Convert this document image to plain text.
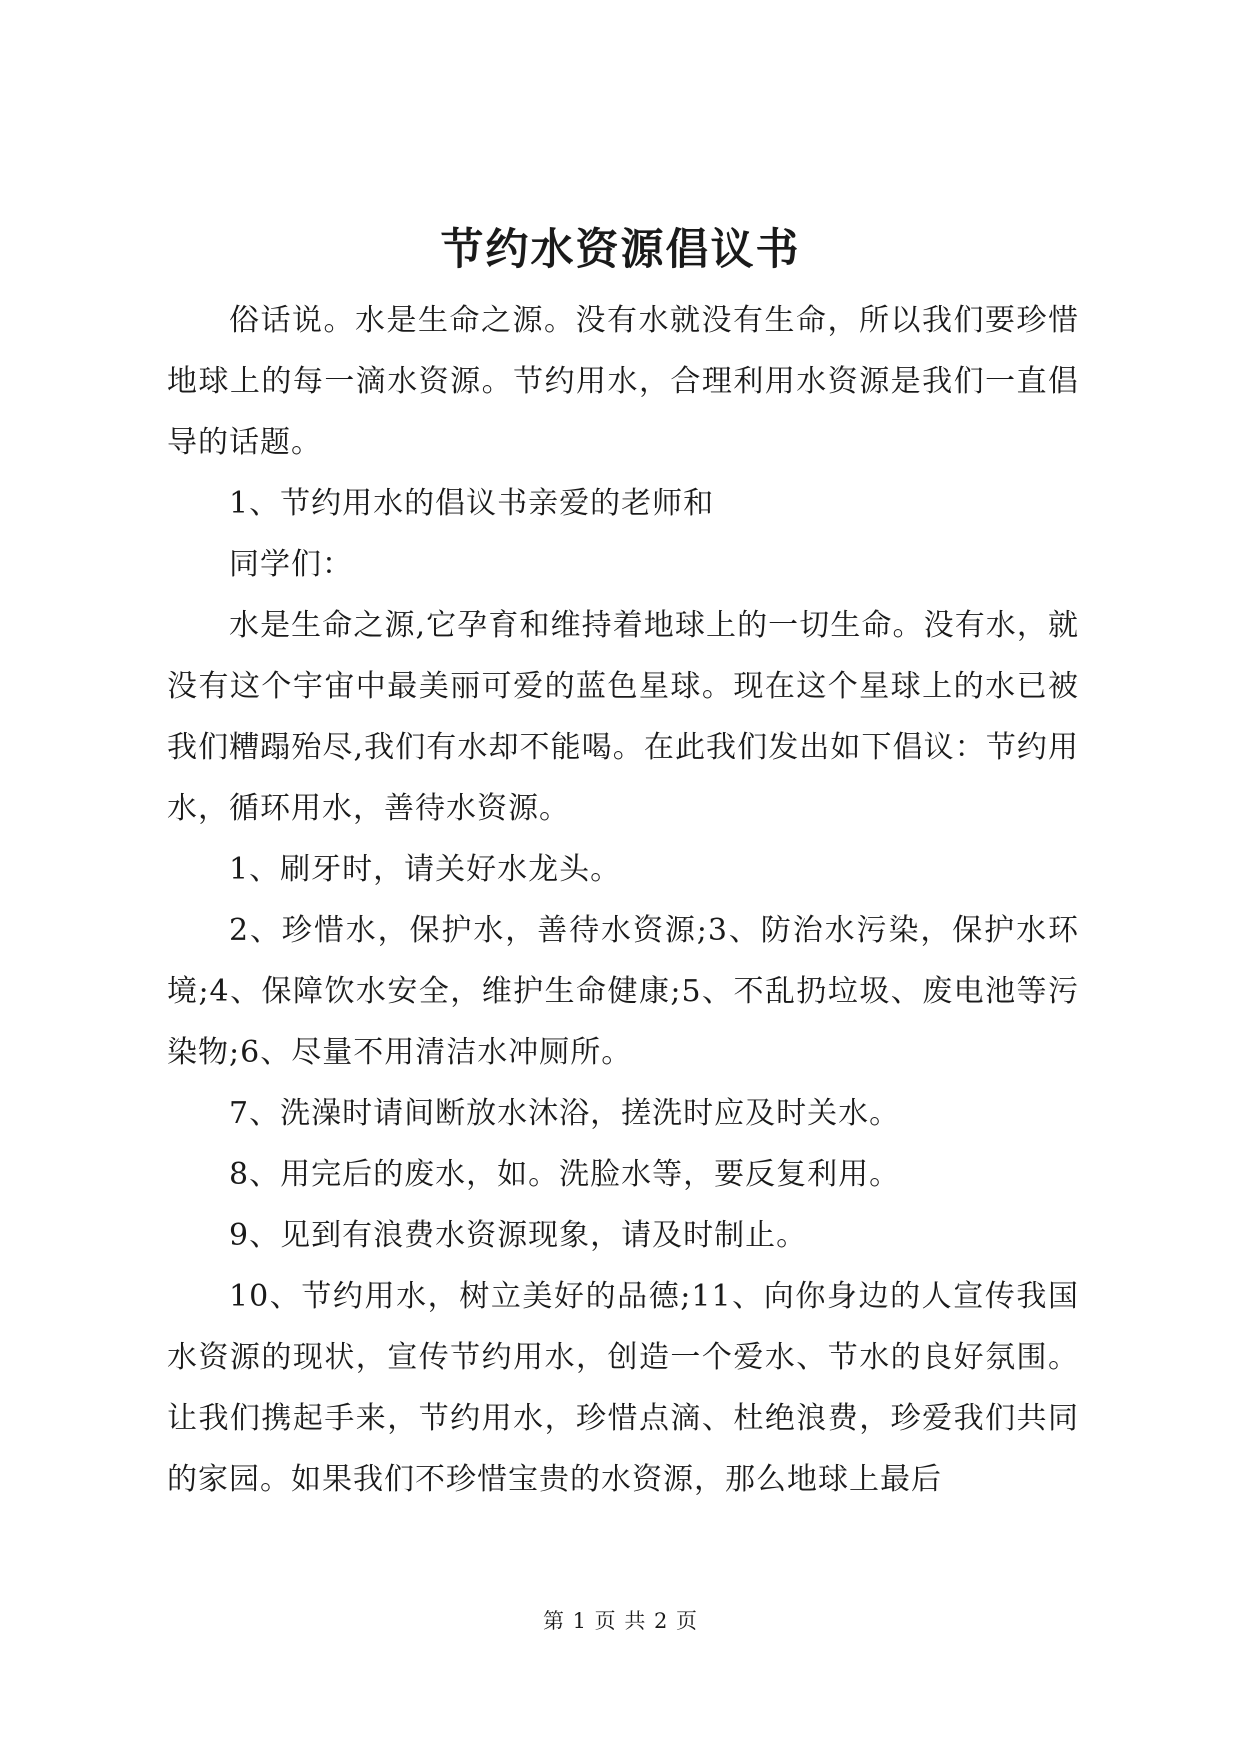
节约水资源倡议书

俗话说。水是生命之源。没有水就没有生命，所以我们要珍惜地球上的每一滴水资源。节约用水，合理利用水资源是我们一直倡导的话题。

1、节约用水的倡议书亲爱的老师和

同学们：

水是生命之源,它孕育和维持着地球上的一切生命。没有水，就没有这个宇宙中最美丽可爱的蓝色星球。现在这个星球上的水已被我们糟蹋殆尽,我们有水却不能喝。在此我们发出如下倡议：节约用水，循环用水，善待水资源。

1、刷牙时，请关好水龙头。

2、珍惜水，保护水，善待水资源;3、防治水污染，保护水环境;4、保障饮水安全，维护生命健康;5、不乱扔垃圾、废电池等污染物;6、尽量不用清洁水冲厕所。

7、洗澡时请间断放水沐浴，搓洗时应及时关水。

8、用完后的废水，如。洗脸水等，要反复利用。

9、见到有浪费水资源现象，请及时制止。

10、节约用水，树立美好的品德;11、向你身边的人宣传我国水资源的现状，宣传节约用水，创造一个爱水、节水的良好氛围。让我们携起手来，节约用水，珍惜点滴、杜绝浪费，珍爱我们共同的家园。如果我们不珍惜宝贵的水资源，那么地球上最后

第 1 页 共 2 页
